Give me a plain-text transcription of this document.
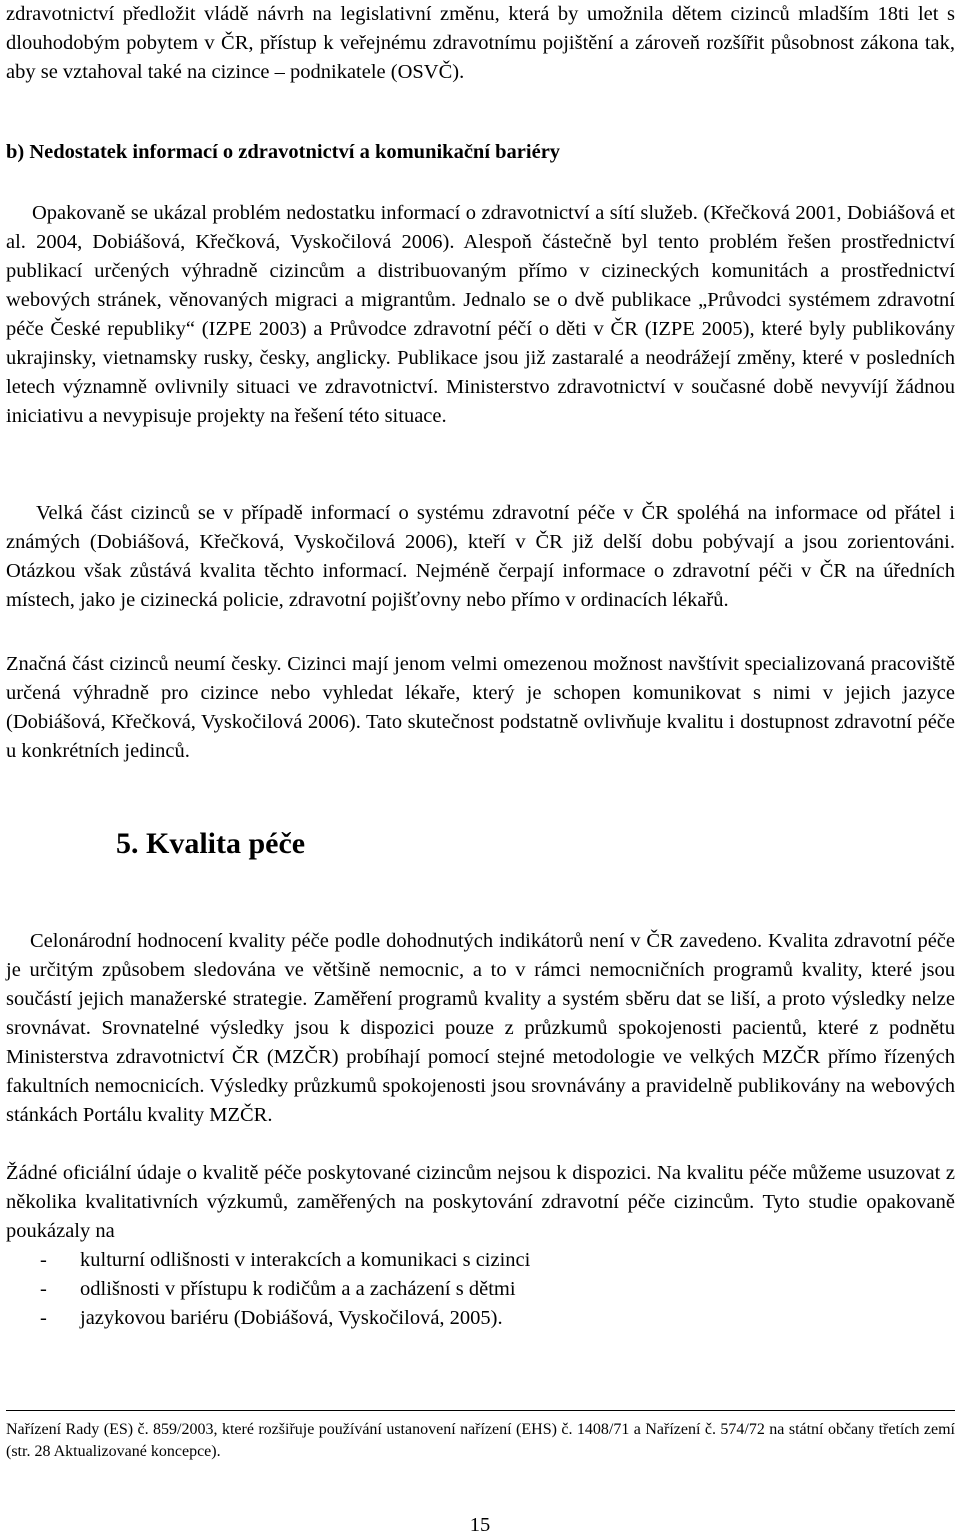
zdravotnictví předložit vládě návrh na legislativní změnu, která by umožnila dětem cizinců mladším 18ti let s dlouhodobým pobytem v ČR, přístup k veřejnému zdravotnímu pojištění a zároveň rozšířit působnost zákona tak, aby se vztahoval také na cizince – podnikatele (OSVČ).

b) Nedostatek informací o zdravotnictví a komunikační bariéry

Opakovaně se ukázal problém nedostatku informací o zdravotnictví a sítí služeb. (Křečková 2001, Dobiášová et al. 2004, Dobiášová, Křečková, Vyskočilová 2006). Alespoň částečně byl tento problém řešen prostřednictví publikací určených výhradně cizincům a distribuovaným přímo v cizineckých komunitách a prostřednictví webových stránek, věnovaných migraci a migrantům. Jednalo se o dvě publikace „Průvodci systémem zdravotní péče České republiky“ (IZPE 2003) a Průvodce zdravotní péčí o děti v ČR (IZPE 2005), které byly publikovány ukrajinsky, vietnamsky rusky, česky, anglicky. Publikace jsou již zastaralé a neodrážejí změny, které v posledních letech významně ovlivnily situaci ve zdravotnictví. Ministerstvo zdravotnictví v současné době nevyvíjí žádnou iniciativu a nevypisuje projekty na řešení této situace.

Velká část cizinců se v případě informací o systému zdravotní péče v ČR spoléhá na informace od přátel i známých (Dobiášová, Křečková, Vyskočilová 2006), kteří v ČR již delší dobu pobývají a jsou zorientováni. Otázkou však zůstává kvalita těchto informací. Nejméně čerpají informace o zdravotní péči v ČR na úředních místech, jako je cizinecká policie, zdravotní pojišťovny nebo přímo v ordinacích lékařů.

Značná část cizinců neumí česky. Cizinci mají jenom velmi omezenou možnost navštívit specializovaná pracoviště určená výhradně pro cizince nebo vyhledat lékaře, který je schopen komunikovat s nimi v jejich jazyce (Dobiášová, Křečková, Vyskočilová 2006). Tato skutečnost podstatně ovlivňuje kvalitu i dostupnost zdravotní péče u konkrétních jedinců.

5. Kvalita péče

Celonárodní hodnocení kvality péče podle dohodnutých indikátorů není v ČR zavedeno. Kvalita zdravotní péče je určitým způsobem sledována ve většině nemocnic, a to v rámci nemocničních programů kvality, které jsou součástí jejich manažerské strategie. Zaměření programů kvality a systém sběru dat se liší, a proto výsledky nelze srovnávat. Srovnatelné výsledky jsou k dispozici pouze z průzkumů spokojenosti pacientů, které z podnětu Ministerstva zdravotnictví ČR (MZČR) probíhají pomocí stejné metodologie ve velkých MZČR přímo řízených fakultních nemocnicích. Výsledky průzkumů spokojenosti jsou srovnávány a pravidelně publikovány na webových stánkách Portálu kvality MZČR.

Žádné oficiální údaje o kvalitě péče poskytované cizincům nejsou k dispozici. Na kvalitu péče můžeme usuzovat z několika kvalitativních výzkumů, zaměřených na poskytování zdravotní péče cizincům. Tyto studie opakovaně poukázaly na

- kulturní odlišnosti v interakcích a komunikaci s cizinci
- odlišnosti v přístupu k rodičům a a zacházení s dětmi
- jazykovou bariéru (Dobiášová, Vyskočilová, 2005).

Nařízení Rady (ES) č. 859/2003, které rozšiřuje používání ustanovení nařízení (EHS) č. 1408/71 a Nařízení č. 574/72 na státní občany třetích zemí (str. 28 Aktualizované koncepce).

15
